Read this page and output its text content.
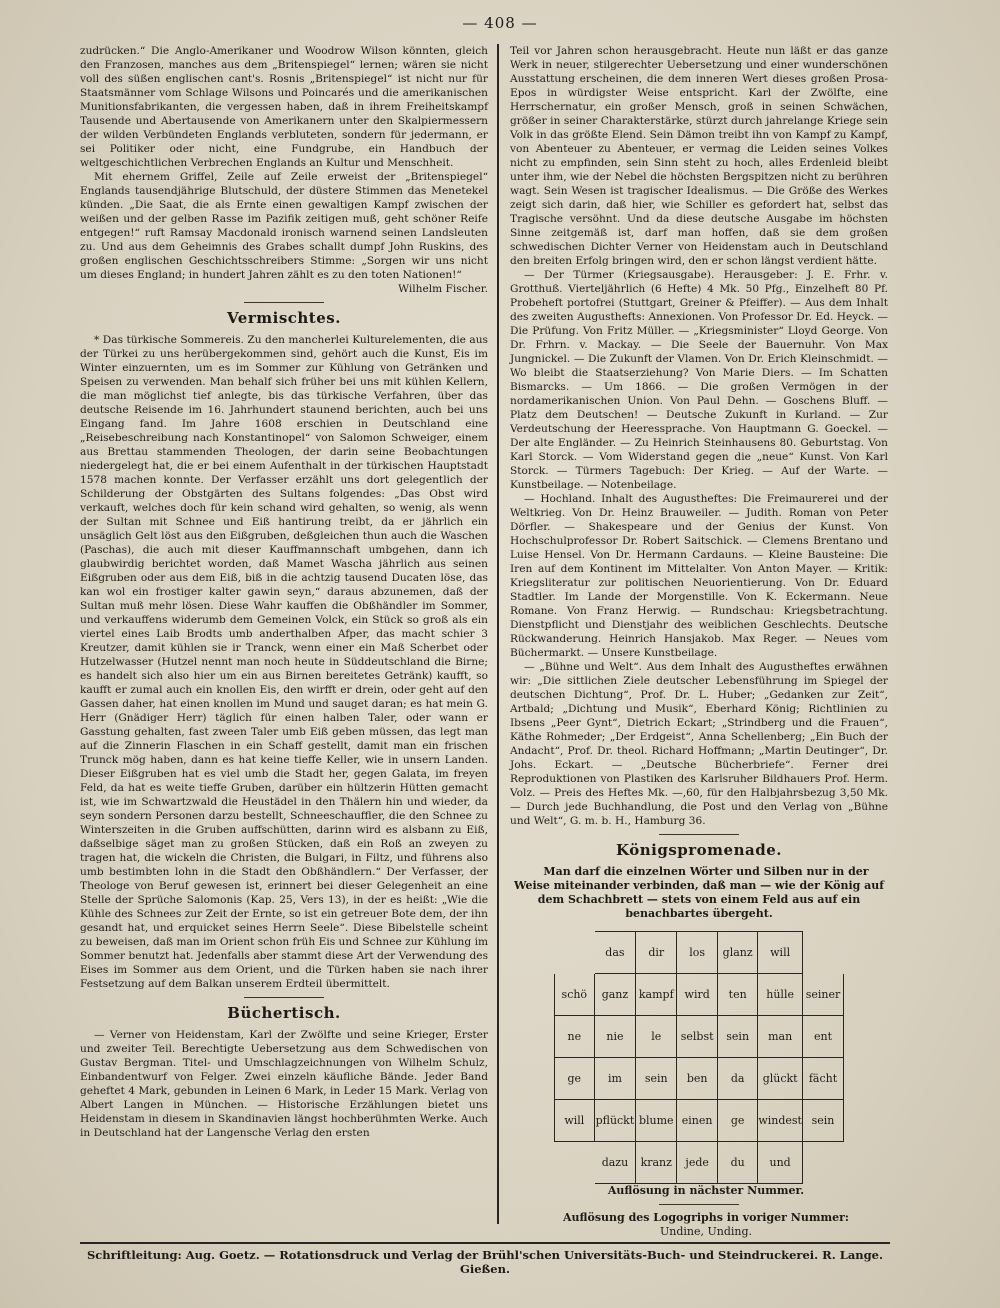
— 408 —

zudrücken.“ Die Anglo-Amerikaner und Woodrow Wilson könnten, gleich den Franzosen, manches aus dem „Britenspiegel“ lernen; wären sie nicht voll des süßen englischen cant's. Rosnis „Britenspiegel“ ist nicht nur für Staatsmänner vom Schlage Wilsons und Poincarés und die amerikanischen Munitionsfabrikanten, die vergessen haben, daß in ihrem Freiheitskampf Tausende und Abertausende von Amerikanern unter den Skalpiermessern der wilden Verbündeten Englands verbluteten, sondern für jedermann, er sei Politiker oder nicht, eine Fundgrube, ein Handbuch der weltgeschichtlichen Verbrechen Englands an Kultur und Menschheit.

Mit ehernem Griffel, Zeile auf Zeile erweist der „Britenspiegel“ Englands tausendjährige Blutschuld, der düstere Stimmen das Menetekel künden. „Die Saat, die als Ernte einen gewaltigen Kampf zwischen der weißen und der gelben Rasse im Pazifik zeitigen muß, geht schöner Reife entgegen!“ ruft Ramsay Macdonald ironisch warnend seinen Landsleuten zu. Und aus dem Geheimnis des Grabes schallt dumpf John Ruskins, des großen englischen Geschichtsschreibers Stimme: „Sorgen wir uns nicht um dieses England; in hundert Jahren zählt es zu den toten Nationen!“

Wilhelm Fischer.

Vermischtes.

* Das türkische Sommereis. Zu den mancherlei Kulturelementen, die aus der Türkei zu uns herübergekommen sind, gehört auch die Kunst, Eis im Winter einzuernten, um es im Sommer zur Kühlung von Getränken und Speisen zu verwenden. Man behalf sich früher bei uns mit kühlen Kellern, die man möglichst tief anlegte, bis das türkische Verfahren, über das deutsche Reisende im 16. Jahrhundert staunend berichten, auch bei uns Eingang fand. Im Jahre 1608 erschien in Deutschland eine „Reisebeschreibung nach Konstantinopel“ von Salomon Schweiger, einem aus Brettau stammenden Theologen, der darin seine Beobachtungen niedergelegt hat, die er bei einem Aufenthalt in der türkischen Hauptstadt 1578 machen konnte. Der Verfasser erzählt uns dort gelegentlich der Schilderung der Obstgärten des Sultans folgendes: „Das Obst wird verkauft, welches doch für kein schand wird gehalten, so wenig, als wenn der Sultan mit Schnee und Eiß hantirung treibt, da er jährlich ein unsäglich Gelt löst aus den Eißgruben, deßgleichen thun auch die Waschen (Paschas), die auch mit dieser Kauffmannschaft umbgehen, dann ich glaubwirdig berichtet worden, daß Mamet Wascha jährlich aus seinen Eißgruben oder aus dem Eiß, biß in die achtzig tausend Ducaten löse, das kan wol ein frostiger kalter gawin seyn,“ daraus abzunemen, daß der Sultan muß mehr lösen. Diese Wahr kauffen die Obßhändler im Sommer, und verkauffens widerumb dem Gemeinen Volck, ein Stück so groß als ein viertel eines Laib Brodts umb anderthalben Afper, das macht schier 3 Kreutzer, damit kühlen sie ir Tranck, wenn einer ein Maß Scherbet oder Hutzelwasser (Hutzel nennt man noch heute in Süddeutschland die Birne; es handelt sich also hier um ein aus Birnen bereitetes Getränk) kaufft, so kaufft er zumal auch ein knollen Eis, den wirfft er drein, oder geht auf den Gassen daher, hat einen knollen im Mund und sauget daran; es hat mein G. Herr (Gnädiger Herr) täglich für einen halben Taler, oder wann er Gasstung gehalten, fast zween Taler umb Eiß geben müssen, das legt man auf die Zinnerin Flaschen in ein Schaff gestellt, damit man ein frischen Trunck mög haben, dann es hat keine tieffe Keller, wie in unsern Landen. Dieser Eißgruben hat es viel umb die Stadt her, gegen Galata, im freyen Feld, da hat es weite tieffe Gruben, darüber ein hültzerin Hütten gemacht ist, wie im Schwartzwald die Heustädel in den Thälern hin und wieder, da seyn sondern Personen darzu bestellt, Schneeschauffler, die den Schnee zu Winterszeiten in die Gruben auffschütten, darinn wird es alsbann zu Eiß, daßselbige säget man zu großen Stücken, daß ein Roß an zweyen zu tragen hat, die wickeln die Christen, die Bulgari, in Filtz, und führens also umb bestimbten lohn in die Stadt den Obßhändlern.“ Der Verfasser, der Theologe von Beruf gewesen ist, erinnert bei dieser Gelegenheit an eine Stelle der Sprüche Salomonis (Kap. 25, Vers 13), in der es heißt: „Wie die Kühle des Schnees zur Zeit der Ernte, so ist ein getreuer Bote dem, der ihn gesandt hat, und erquicket seines Herrn Seele“. Diese Bibelstelle scheint zu beweisen, daß man im Orient schon früh Eis und Schnee zur Kühlung im Sommer benutzt hat. Jedenfalls aber stammt diese Art der Verwendung des Eises im Sommer aus dem Orient, und die Türken haben sie nach ihrer Festsetzung auf dem Balkan unserem Erdteil übermittelt.

Büchertisch.

— Verner von Heidenstam, Karl der Zwölfte und seine Krieger, Erster und zweiter Teil. Berechtigte Uebersetzung aus dem Schwedischen von Gustav Bergman. Titel- und Umschlagzeichnungen von Wilhelm Schulz, Einbandentwurf von Felger. Zwei einzeln käufliche Bände. Jeder Band geheftet 4 Mark, gebunden in Leinen 6 Mark, in Leder 15 Mark. Verlag von Albert Langen in München. — Historische Erzählungen bietet uns Heidenstam in diesem in Skandinavien längst hochberühmten Werke. Auch in Deutschland hat der Langensche Verlag den ersten

Teil vor Jahren schon herausgebracht. Heute nun läßt er das ganze Werk in neuer, stilgerechter Uebersetzung und einer wunderschönen Ausstattung erscheinen, die dem inneren Wert dieses großen Prosa-Epos in würdigster Weise entspricht. Karl der Zwölfte, eine Herrschernatur, ein großer Mensch, groß in seinen Schwächen, größer in seiner Charakterstärke, stürzt durch jahrelange Kriege sein Volk in das größte Elend. Sein Dämon treibt ihn von Kampf zu Kampf, von Abenteuer zu Abenteuer, er vermag die Leiden seines Volkes nicht zu empfinden, sein Sinn steht zu hoch, alles Erdenleid bleibt unter ihm, wie der Nebel die höchsten Bergspitzen nicht zu berühren wagt. Sein Wesen ist tragischer Idealismus. — Die Größe des Werkes zeigt sich darin, daß hier, wie Schiller es gefordert hat, selbst das Tragische versöhnt. Und da diese deutsche Ausgabe im höchsten Sinne zeitgemäß ist, darf man hoffen, daß sie dem großen schwedischen Dichter Verner von Heidenstam auch in Deutschland den breiten Erfolg bringen wird, den er schon längst verdient hätte.

— Der Türmer (Kriegsausgabe). Herausgeber: J. E. Frhr. v. Grotthuß. Vierteljährlich (6 Hefte) 4 Mk. 50 Pfg., Einzelheft 80 Pf. Probeheft portofrei (Stuttgart, Greiner & Pfeiffer). — Aus dem Inhalt des zweiten Augusthefts: Annexionen. Von Professor Dr. Ed. Heyck. — Die Prüfung. Von Fritz Müller. — „Kriegsminister“ Lloyd George. Von Dr. Frhrn. v. Mackay. — Die Seele der Bauernuhr. Von Max Jungnickel. — Die Zukunft der Vlamen. Von Dr. Erich Kleinschmidt. — Wo bleibt die Staatserziehung? Von Marie Diers. — Im Schatten Bismarcks. — Um 1866. — Die großen Vermögen in der nordamerikanischen Union. Von Paul Dehn. — Goschens Bluff. — Platz dem Deutschen! — Deutsche Zukunft in Kurland. — Zur Verdeutschung der Heeressprache. Von Hauptmann G. Goeckel. — Der alte Engländer. — Zu Heinrich Steinhausens 80. Geburtstag. Von Karl Storck. — Vom Widerstand gegen die „neue“ Kunst. Von Karl Storck. — Türmers Tagebuch: Der Krieg. — Auf der Warte. — Kunstbeilage. — Notenbeilage.

— Hochland. Inhalt des Augustheftes: Die Freimaurerei und der Weltkrieg. Von Dr. Heinz Brauweiler. — Judith. Roman von Peter Dörfler. — Shakespeare und der Genius der Kunst. Von Hochschulprofessor Dr. Robert Saitschick. — Clemens Brentano und Luise Hensel. Von Dr. Hermann Cardauns. — Kleine Bausteine: Die Iren auf dem Kontinent im Mittelalter. Von Anton Mayer. — Kritik: Kriegsliteratur zur politischen Neuorientierung. Von Dr. Eduard Stadtler. Im Lande der Morgenstille. Von K. Eckermann. Neue Romane. Von Franz Herwig. — Rundschau: Kriegsbetrachtung. Dienstpflicht und Dienstjahr des weiblichen Geschlechts. Deutsche Rückwanderung. Heinrich Hansjakob. Max Reger. — Neues vom Büchermarkt. — Unsere Kunstbeilage.

— „Bühne und Welt“. Aus dem Inhalt des Augustheftes erwähnen wir: „Die sittlichen Ziele deutscher Lebensführung im Spiegel der deutschen Dichtung“, Prof. Dr. L. Huber; „Gedanken zur Zeit“, Artbald; „Dichtung und Musik“, Eberhard König; Richtlinien zu Ibsens „Peer Gynt“, Dietrich Eckart; „Strindberg und die Frauen“, Käthe Rohmeder; „Der Erdgeist“, Anna Schellenberg; „Ein Buch der Andacht“, Prof. Dr. theol. Richard Hoffmann; „Martin Deutinger“, Dr. Johs. Eckart. — „Deutsche Bücherbriefe“. Ferner drei Reproduktionen von Plastiken des Karlsruher Bildhauers Prof. Herm. Volz. — Preis des Heftes Mk. —,60, für den Halbjahrsbezug 3,50 Mk. — Durch jede Buchhandlung, die Post und den Verlag von „Bühne und Welt“, G. m. b. H., Hamburg 36.

Königspromenade.

Man darf die einzelnen Wörter und Silben nur in der Weise miteinander verbinden, daß man — wie der König auf dem Schachbrett — stets von einem Feld aus auf ein benachbartes übergeht.

	das	dir	los	glanz	will	
schö	ganz	kampf	wird	ten	hülle	seiner
ne	nie	le	selbst	sein	man	ent
ge	im	sein	ben	da	glückt	fächt
will	pflückt	blume	einen	ge	windest	sein
	dazu	kranz	jede	du	und	

Auflösung in nächster Nummer.

Auflösung des Logogriphs in voriger Nummer:

Undine, Unding.

Schriftleitung: Aug. Goetz. — Rotationsdruck und Verlag der Brühl'schen Universitäts-Buch- und Steindruckerei. R. Lange. Gießen.
